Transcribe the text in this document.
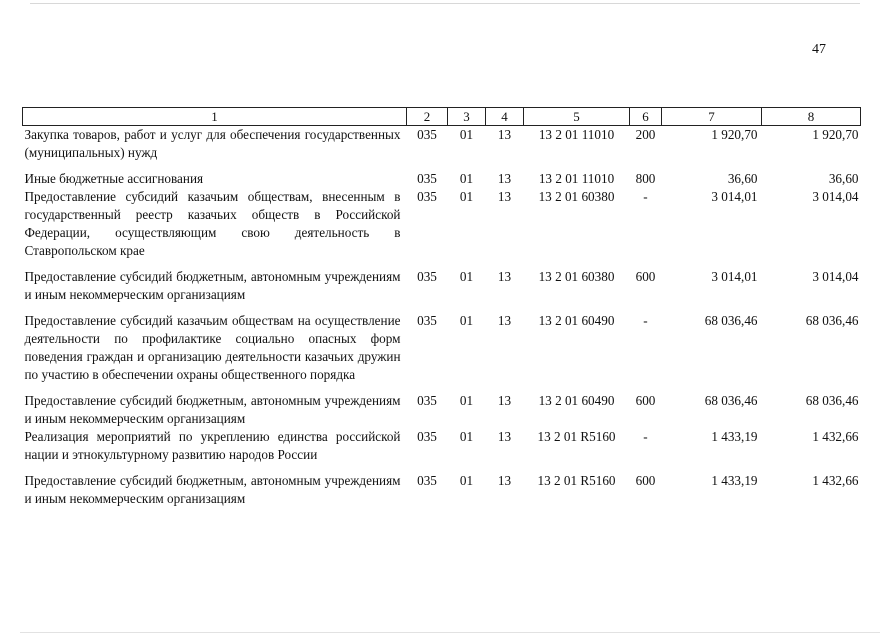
47
1	2	3	4	5	6	7	8
Закупка товаров, работ и услуг для обеспечения государственных (муниципальных) нужд	035	01	13	13 2 01 11010	200	1 920,70	1 920,70
Иные бюджетные ассигнования	035	01	13	13 2 01 11010	800	36,60	36,60
Предоставление субсидий казачьим обществам, внесенным в государственный реестр казачьих обществ в Российской Федерации, осуществляющим свою деятельность в Ставропольском крае	035	01	13	13 2 01 60380	-	3 014,01	3 014,04
Предоставление субсидий бюджетным, автономным учреждениям и иным некоммерческим организациям	035	01	13	13 2 01 60380	600	3 014,01	3 014,04
Предоставление субсидий казачьим обществам на осуществление деятельности по профилактике социально опасных форм поведения граждан и организацию деятельности казачьих дружин по участию в обеспечении охраны общественного порядка	035	01	13	13 2 01 60490	-	68 036,46	68 036,46
Предоставление субсидий бюджетным, автономным учреждениям и иным некоммерческим организациям	035	01	13	13 2 01 60490	600	68 036,46	68 036,46
Реализация мероприятий по укреплению единства российской нации и этнокультурному развитию народов России	035	01	13	13 2 01 R5160	-	1 433,19	1 432,66
Предоставление субсидий бюджетным, автономным учреждениям и иным некоммерческим организациям	035	01	13	13 2 01 R5160	600	1 433,19	1 432,66
